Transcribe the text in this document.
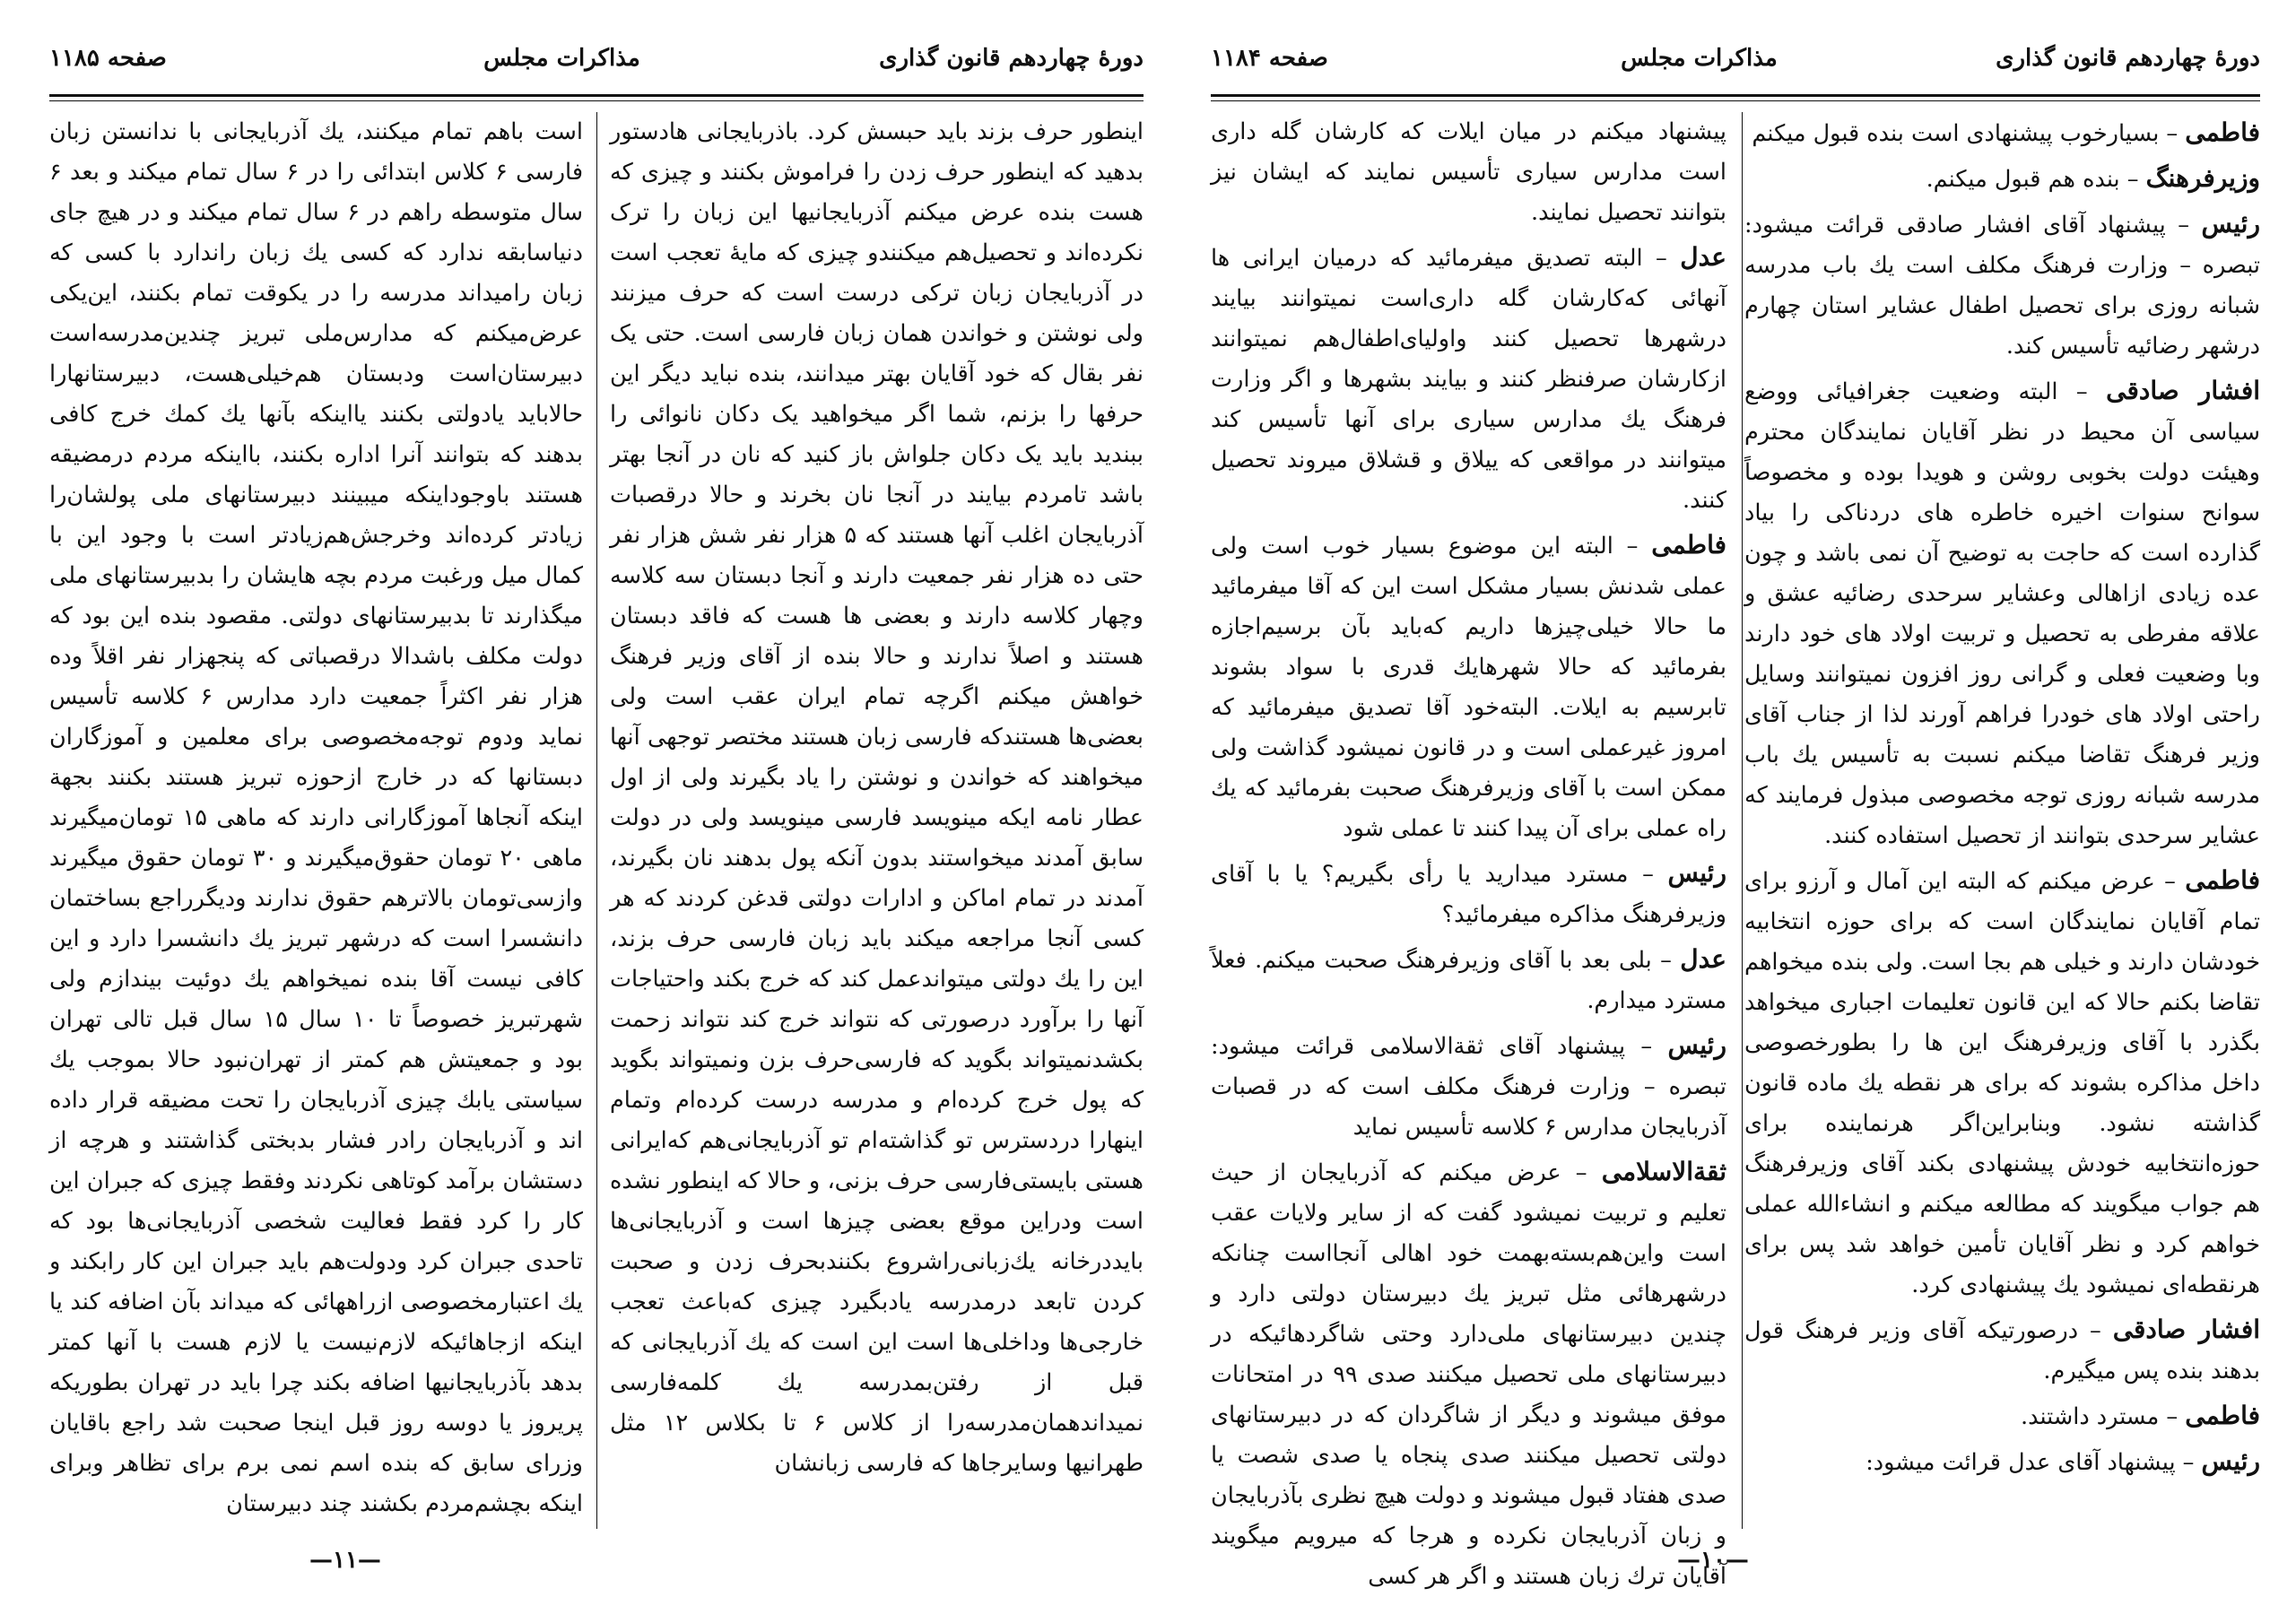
دورهٔ چهاردهم قانون گذاری
مذاکرات مجلس
صفحه ۱۱۸۵

اینطور حرف بزند باید حبسش کرد. باذربایجانی هادستور بدهید که اینطور حرف زدن را فراموش بکنند و چیزی که هست بنده عرض میکنم آذربایجانیها این زبان را ترک نکرده‌اند و تحصیل‌هم میکنندو چیزی که مایهٔ تعجب است در آذربایجان زبان ترکی درست است که حرف میزنند ولی نوشتن و خواندن همان زبان فارسی است. حتی یک نفر بقال که خود آقایان بهتر میدانند، بنده نباید دیگر این حرفها را بزنم، شما اگر میخواهید یک دکان نانوائی را ببندید باید یک دکان جلواش باز کنید که نان در آنجا بهتر باشد تامردم بیایند در آنجا نان بخرند و حالا درقصبات آذربایجان اغلب آنها هستند که ۵ هزار نفر شش هزار نفر حتی ده هزار نفر جمعیت دارند و آنجا دبستان سه کلاسه وچهار کلاسه دارند و بعضی ها هست که فاقد دبستان هستند و اصلاً ندارند و حالا بنده از آقای وزیر فرهنگ خواهش میکنم اگرچه تمام ایران عقب است ولی بعضی‌ها هستندکه فارسی زبان هستند مختصر توجهی آنها میخواهند که خواندن و نوشتن را یاد بگیرند ولی از اول عطار نامه ایکه مینویسد فارسی مینویسد ولی در دولت سابق آمدند میخواستند بدون آنکه پول بدهند نان بگیرند، آمدند در تمام اماکن و ادارات دولتی قدغن کردند که هر کسی آنجا مراجعه میکند باید زبان فارسی حرف بزند، این را یك دولتی میتواندعمل کند که خرج بکند واحتیاجات آنها را برآورد درصورتی که نتواند خرج کند نتواند زحمت بکشدنمیتواند بگوید که فارسی‌حرف بزن ونمیتواند بگوید که پول خرج کرده‌ام و مدرسه درست کرده‌ام وتمام اینهارا دردسترس تو گذاشته‌ام تو آذربایجانی‌هم که‌ایرانی هستی بایستی‌فارسی حرف بزنی، و حالا که اینطور نشده است ودراین موقع بعضی چیزها است و آذربایجانی‌ها بایددرخانه یك‌زبانی‌راشروع بکنندبحرف زدن و صحبت کردن تابعد درمدرسه یادبگیرد چیزی که‌باعث تعجب خارجی‌ها وداخلی‌ها است این است که یك آذربایجانی که قبل از رفتن‌بمدرسه یك کلمه‌فارسی نمیداندهمان‌مدرسه‌را از کلاس ۶ تا بکلاس ۱۲ مثل طهرانیها وسایرجاها که فارسی زبانشان

است باهم تمام میکنند، یك آذربایجانی با ندانستن زبان فارسی ۶ کلاس ابتدائی را در ۶ سال تمام میکند و بعد ۶ سال متوسطه راهم در ۶ سال تمام میکند و در هیچ جای دنیاسابقه ندارد که کسی یك زبان راندارد با کسی که زبان رامیداند مدرسه را در یکوقت تمام بکنند، این‌یکی عرض‌میکنم که مدارس‌ملی تبریز چندین‌مدرسه‌است دبیرستان‌است ودبستان هم‌خیلی‌هست، دبیرستانهارا حالاباید یادولتی بکنند یااینکه بآنها یك کمك خرج کافی بدهند که بتوانند آنرا اداره بکنند، بااینکه مردم درمضیقه هستند باوجوداینکه میبینند دبیرستانهای ملی پولشان‌را زیادتر کرده‌اند وخرجش‌هم‌زیادتر است با وجود این با کمال میل ورغبت مردم بچه هایشان را بدبیرستانهای ملی میگذارند تا بدبیرستانهای دولتی. مقصود بنده این بود که دولت مکلف باشدالا درقصباتی که پنجهزار نفر اقلاً وده هزار نفر اکثراً جمعیت دارد مدارس ۶ کلاسه تأسیس نماید ودوم توجه‌مخصوصی برای معلمین و آموزگاران دبستانها که در خارج ازحوزه تبریز هستند بکنند بجهة اینکه آنجاها آموزگارانی دارند که ماهی ۱۵ تومان‌میگیرند ماهی ۲۰ تومان حقوق‌میگیرند و ۳۰ تومان حقوق میگیرند وازسی‌تومان بالاترهم حقوق ندارند ودیگرراجع بساختمان دانشسرا است که درشهر تبریز یك دانشسرا دارد و این کافی نیست آقا بنده نمیخواهم یك دوئیت بیندازم ولی شهرتبریز خصوصاً تا ۱۰ سال ۱۵ سال قبل تالی تهران بود و جمعیتش هم کمتر از تهران‌نبود حالا بموجب یك سیاستی یابك چیزی آذربایجان را تحت مضیقه قرار داده اند و آذربایجان رادر فشار بدبختی گذاشتند و هرچه از دستشان برآمد کوتاهی نکردند وفقط چیزی که جبران این کار را کرد فقط فعالیت شخصی آذربایجانی‌ها بود که تاحدی جبران کرد ودولت‌هم باید جبران این کار رابکند و یك اعتبارمخصوصی ازراههائی که میداند بآن اضافه کند یا اینکه ازجاهائیکه لازم‌نیست یا لازم هست با آنها کمتر بدهد بآذربایجانیها اضافه بکند چرا باید در تهران بطوریکه پریروز یا دوسه روز قبل اینجا صحبت شد راجع باقایان وزرای سابق که بنده اسم نمی برم برای تظاهر وبرای اینکه بچشم‌مردم بکشند چند دبیرستان

—۱۱—
دورهٔ چهاردهم قانون گذاری
مذاکرات مجلس
صفحه ۱۱۸۴

فاطمی – بسیارخوب پیشنهادی است بنده قبول میکنم

وزیرفرهنگ – بنده هم قبول میکنم.

رئیس – پیشنهاد آقای افشار صادقی قرائت میشود: تبصره – وزارت فرهنگ مکلف است یك باب مدرسه شبانه روزی برای تحصیل اطفال عشایر استان چهارم درشهر رضائیه تأسیس کند.

افشار صادقی – البته وضعیت جغرافیائی ووضع سیاسی آن محیط در نظر آقایان نمایندگان محترم وهیئت دولت بخوبی روشن و هویدا بوده و مخصوصاً سوانح سنوات اخیره خاطره های دردناکی را بیاد گذارده است که حاجت به توضیح آن نمی باشد و چون عده زیادی ازاهالی وعشایر سرحدی رضائیه عشق و علاقه مفرطی به تحصیل و تربیت اولاد های خود دارند وبا وضعیت فعلی و گرانی روز افزون نمیتوانند وسایل راحتی اولاد های خودرا فراهم آورند لذا از جناب آقای وزیر فرهنگ تقاضا میکنم نسبت به تأسیس یك باب مدرسه شبانه روزی توجه مخصوصی مبذول فرمایند که عشایر سرحدی بتوانند از تحصیل استفاده کنند.

فاطمی – عرض میکنم که البته این آمال و آرزو برای تمام آقایان نمایندگان است که برای حوزه انتخابیه خودشان دارند و خیلی هم بجا است. ولی بنده میخواهم تقاضا بکنم حالا که این قانون تعلیمات اجباری میخواهد بگذرد با آقای وزیرفرهنگ این ها را بطورخصوصی داخل مذاکره بشوند که برای هر نقطه یك ماده قانون گذاشته نشود. وبنابراین‌اگر هرنماینده برای حوزه‌انتخابیه خودش پیشنهادی بکند آقای وزیرفرهنگ هم جواب میگویند که مطالعه میکنم و انشاءالله عملی خواهم کرد و نظر آقایان تأمین خواهد شد پس برای هرنقطه‌ای نمیشود یك پیشنهادی کرد.

افشار صادقی – درصورتیکه آقای وزیر فرهنگ قول بدهند بنده پس میگیرم.

فاطمی – مسترد داشتند.

رئیس – پیشنهاد آقای عدل قرائت میشود:

پیشنهاد میکنم در میان ایلات که کارشان گله داری است مدارس سیاری تأسیس نمایند که ایشان نیز بتوانند تحصیل نمایند.

عدل – البته تصدیق میفرمائید که درمیان ایرانی ها آنهائی که‌کارشان گله داری‌است نمیتوانند بیایند درشهرها تحصیل کنند واولیای‌اطفال‌هم نمیتوانند ازکارشان صرفنظر کنند و بیایند بشهرها و اگر وزارت فرهنگ یك مدارس سیاری برای آنها تأسیس کند میتوانند در مواقعی که ییلاق و قشلاق میروند تحصیل کنند.

فاطمی – البته این موضوع بسیار خوب است ولی عملی شدنش بسیار مشکل است این که آقا میفرمائید ما حالا خیلی‌چیزها داریم که‌باید بآن برسیم‌اجازه بفرمائید که حالا شهرهایك قدری با سواد بشوند تابرسیم به ایلات. البته‌خود آقا تصدیق میفرمائید که امروز غیرعملی است و در قانون نمیشود گذاشت ولی ممکن است با آقای وزیرفرهنگ صحبت بفرمائید که یك راه عملی برای آن پیدا کنند تا عملی شود

رئیس – مسترد میدارید یا رأی بگیریم؟ یا با آقای وزیرفرهنگ مذاکره میفرمائید؟

عدل – بلی بعد با آقای وزیرفرهنگ صحبت میکنم. فعلاً مسترد میدارم.

رئیس – پیشنهاد آقای ثقةالاسلامی قرائت میشود: تبصره – وزارت فرهنگ مکلف است که در قصبات آذربایجان مدارس ۶ کلاسه تأسیس نماید

ثقةالاسلامی – عرض میکنم که آذربایجان از حیث تعلیم و تربیت نمیشود گفت که از سایر ولایات عقب است واین‌هم‌بسته‌بهمت خود اهالی آنجااست چنانکه درشهرهائی مثل تبریز یك دبیرستان دولتی دارد و چندین دبیرستانهای ملی‌دارد وحتی شاگردهائیکه در دبیرستانهای ملی تحصیل میکنند صدی ۹۹ در امتحانات موفق میشوند و دیگر از شاگردان که در دبیرستانهای دولتی تحصیل میکنند صدی پنجاه یا صدی شصت یا صدی هفتاد قبول میشوند و دولت هیچ نظری بآذربایجان و زبان آذربایجان نکرده و هرجا که میرویم میگویند آقایان ترك زبان هستند و اگر هر کسی

—۱۰—
